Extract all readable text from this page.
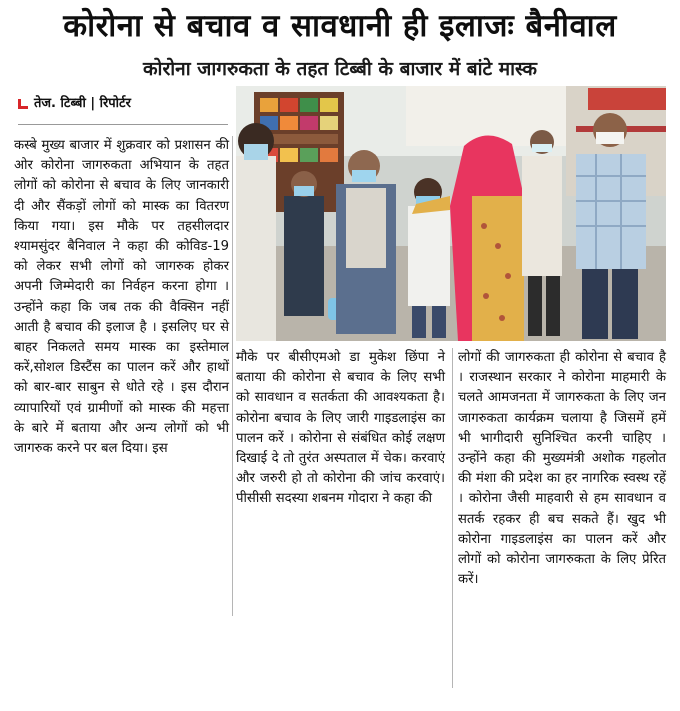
कोरोना से बचाव व सावधानी ही इलाजः बैनीवाल
कोरोना जागरुकता के तहत टिब्बी के बाजार में बांटे मास्क
तेज. टिब्बी | रिपोर्टर
कस्बे मुख्य बाजार में शुक्रवार को प्रशासन की ओर कोरोना जागरुकता अभियान के तहत लोगों को कोरोना से बचाव के लिए जानकारी दी और सैंकड़ों लोगों को मास्क का वितरण किया गया। इस मौके पर तहसीलदार श्यामसुंदर बैनिवाल ने कहा की कोविड-19 को लेकर सभी लोगों को जागरुक होकर अपनी जिम्मेदारी का निर्वहन करना होगा । उन्होंने कहा कि जब तक की वैक्सिन नहीं आती है बचाव की इलाज है । इसलिए घर से बाहर निकलते समय मास्क का इस्तेमाल करें,सोशल डिस्टैंस का पालन करें और हाथों को बार-बार साबुन से धोते रहे । इस दौरान व्यापारियों एवं ग्रामीणों को मास्क की महत्ता के बारे में बताया और अन्य लोगों को भी जागरुक करने पर बल दिया। इस
मौके पर बीसीएमओ डा मुकेश छिंपा ने बताया की कोरोना से बचाव के लिए सभी को सावधान व सतर्कता की आवश्यकता है। कोरोना बचाव के लिए जारी गाइडलाइंस का पालन करें । कोरोना से संबंधित कोई लक्षण दिखाई दे तो तुरंत अस्पताल में चेक। करवाएं और जरुरी हो तो कोरोना की जांच करवाएं।पीसीसी सदस्या शबनम गोदारा ने कहा की
लोगों की जागरुकता ही कोरोना से बचाव है । राजस्थान सरकार ने कोरोना माहमारी के चलते आमजनता में जागरुकता के लिए जन जागरुकता कार्यक्रम चलाया है जिसमें हमें भी भागीदारी सुनिश्चित करनी चाहिए । उन्होंने कहा की मुख्यमंत्री अशोक गहलोत की मंशा की प्रदेश का हर नागरिक स्वस्थ रहें । कोरोना जैसी माहवारी से हम सावधान व सतर्क रहकर ही बच सकते हैं। खुद भी कोरोना गाइडलाइंस का पालन करें और लोगों को कोरोना जागरुकता के लिए प्रेरित करें।
